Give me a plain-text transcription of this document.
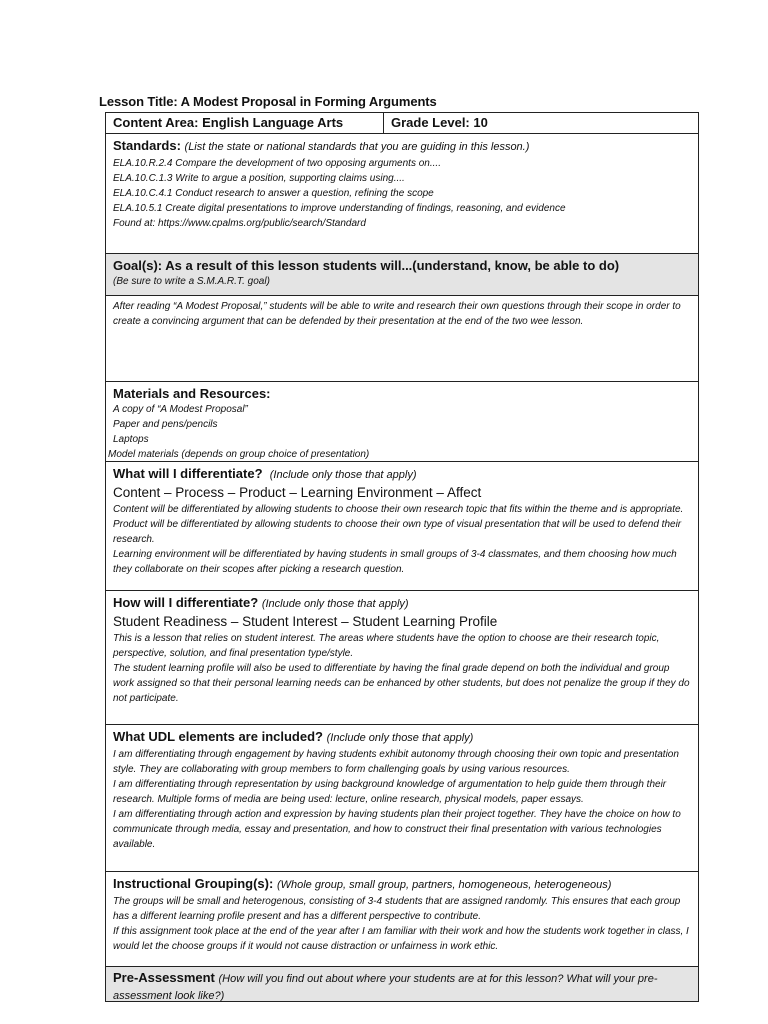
Lesson Title: A Modest Proposal in Forming Arguments
Content Area: English Language Arts	Grade Level: 10
Standards: (List the state or national standards that you are guiding in this lesson.)
ELA.10.R.2.4 Compare the development of two opposing arguments on....
ELA.10.C.1.3 Write to argue a position, supporting claims using....
ELA.10.C.4.1 Conduct research to answer a question, refining the scope
ELA.10.5.1 Create digital presentations to improve understanding of findings, reasoning, and evidence
Found at: https://www.cpalms.org/public/search/Standard
Goal(s): As a result of this lesson students will...(understand, know, be able to do)
(Be sure to write a S.M.A.R.T. goal)
After reading “A Modest Proposal,” students will be able to write and research their own questions through their scope in order to create a convincing argument that can be defended by their presentation at the end of the two wee lesson.
Materials and Resources:
A copy of “A Modest Proposal”
Paper and pens/pencils
Laptops
Model materials (depends on group choice of presentation)
What will I differentiate? (Include only those that apply)
Content – Process – Product – Learning Environment – Affect
Content will be differentiated by allowing students to choose their own research topic that fits within the theme and is appropriate.
Product will be differentiated by allowing students to choose their own type of visual presentation that will be used to defend their research.
Learning environment will be differentiated by having students in small groups of 3-4 classmates, and them choosing how much they collaborate on their scopes after picking a research question.
How will I differentiate? (Include only those that apply)
Student Readiness – Student Interest – Student Learning Profile
This is a lesson that relies on student interest. The areas where students have the option to choose are their research topic, perspective, solution, and final presentation type/style.
The student learning profile will also be used to differentiate by having the final grade depend on both the individual and group work assigned so that their personal learning needs can be enhanced by other students, but does not penalize the group if they do not participate.
What UDL elements are included? (Include only those that apply)
I am differentiating through engagement by having students exhibit autonomy through choosing their own topic and presentation style. They are collaborating with group members to form challenging goals by using various resources.
I am differentiating through representation by using background knowledge of argumentation to help guide them through their research. Multiple forms of media are being used: lecture, online research, physical models, paper essays.
I am differentiating through action and expression by having students plan their project together. They have the choice on how to communicate through media, essay and presentation, and how to construct their final presentation with various technologies available.
Instructional Grouping(s): (Whole group, small group, partners, homogeneous, heterogeneous)
The groups will be small and heterogenous, consisting of 3-4 students that are assigned randomly. This ensures that each group has a different learning profile present and has a different perspective to contribute.
If this assignment took place at the end of the year after I am familiar with their work and how the students work together in class, I would let the choose groups if it would not cause distraction or unfairness in work ethic.
Pre-Assessment (How will you find out about where your students are at for this lesson? What will your pre-assessment look like?)
